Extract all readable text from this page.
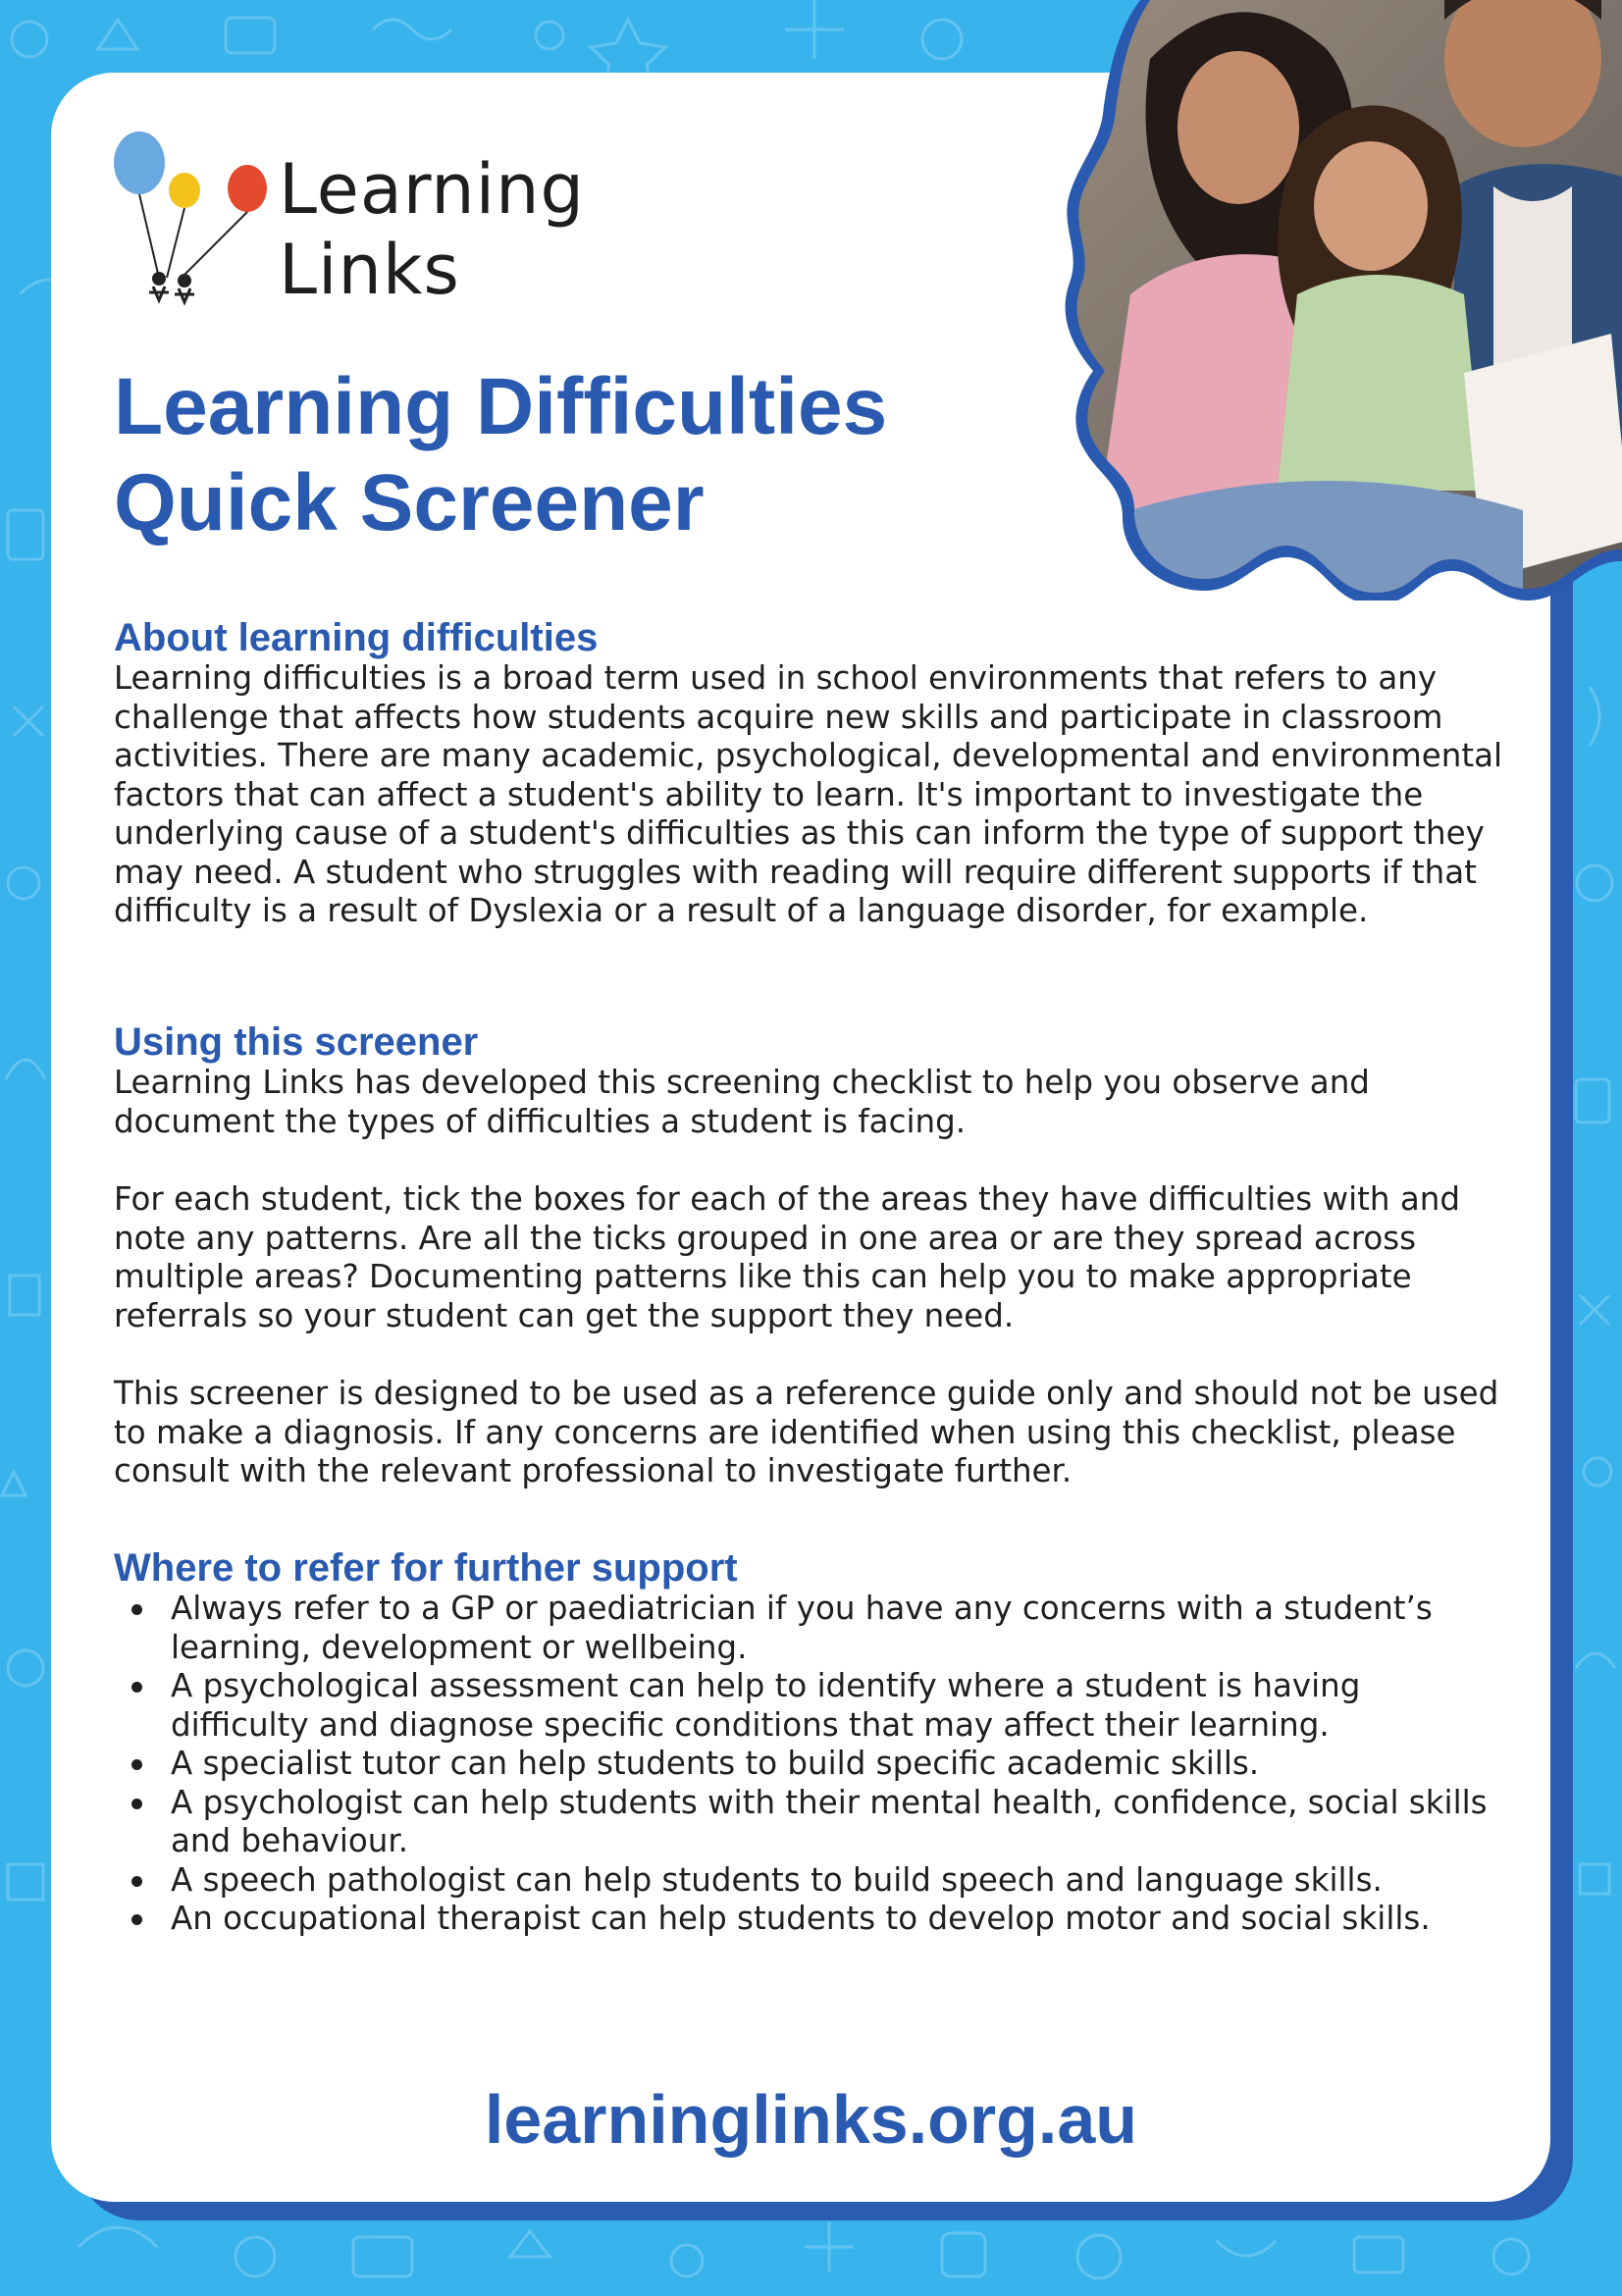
Learning
Links
Learning Difficulties
Quick Screener
About learning difficulties

Learning difficulties is a broad term used in school environments that refers to any challenge that affects how students acquire new skills and participate in classroom activities. There are many academic, psychological, developmental and environmental factors that can affect a student's ability to learn. It's important to investigate the underlying cause of a student's difficulties as this can inform the type of support they may need. A student who struggles with reading will require different supports if that difficulty is a result of Dyslexia or a result of a language disorder, for example.

Using this screener

Learning Links has developed this screening checklist to help you observe and document the types of difficulties a student is facing.

For each student, tick the boxes for each of the areas they have difficulties with and note any patterns. Are all the ticks grouped in one area or are they spread across multiple areas? Documenting patterns like this can help you to make appropriate referrals so your student can get the support they need.

This screener is designed to be used as a reference guide only and should not be used to make a diagnosis. If any concerns are identified when using this checklist, please consult with the relevant professional to investigate further.

Where to refer for further support
Always refer to a GP or paediatrician if you have any concerns with a student’s learning, development or wellbeing.
A psychological assessment can help to identify where a student is having difficulty and diagnose specific conditions that may affect their learning.
A specialist tutor can help students to build specific academic skills.
A psychologist can help students with their mental health, confidence, social skills and behaviour.
A speech pathologist can help students to build speech and language skills.
An occupational therapist can help students to develop motor and social skills.
learninglinks.org.au
